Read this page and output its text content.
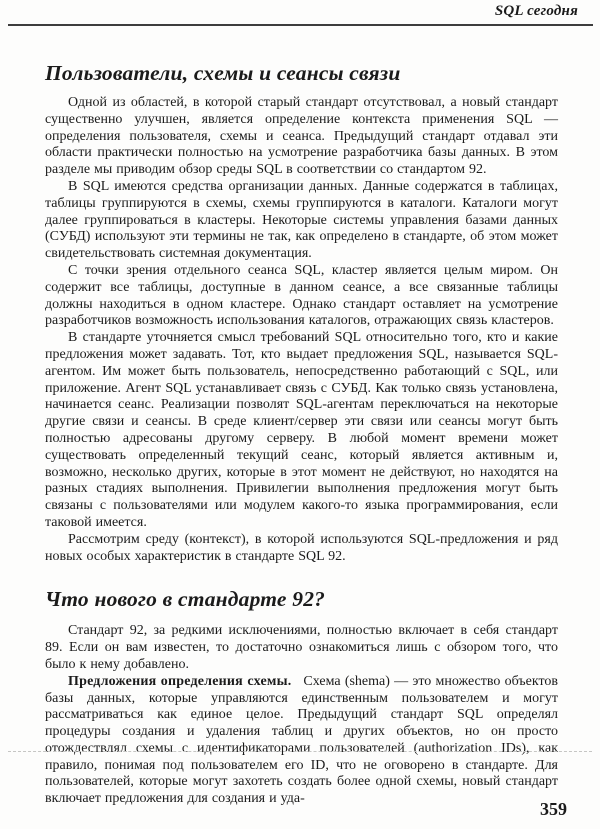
SQL сегодня
Пользователи, схемы и сеансы связи

Одной из областей, в которой старый стандарт отсутствовал, а новый стандарт существенно улучшен, является определение контекста применения SQL — определения пользователя, схемы и сеанса. Предыдущий стандарт отдавал эти области практически полностью на усмотрение разработчика базы данных. В этом разделе мы приводим обзор среды SQL в соответствии со стандартом 92.

В SQL имеются средства организации данных. Данные содержатся в таблицах, таблицы группируются в схемы, схемы группируются в каталоги. Каталоги могут далее группироваться в кластеры. Некоторые системы управления базами данных (СУБД) используют эти термины не так, как определено в стандарте, об этом может свидетельствовать системная документация.

С точки зрения отдельного сеанса SQL, кластер является целым миром. Он содержит все таблицы, доступные в данном сеансе, а все связанные таблицы должны находиться в одном кластере. Однако стандарт оставляет на усмотрение разработчиков возможность использования каталогов, отражающих связь кластеров.

В стандарте уточняется смысл требований SQL относительно того, кто и какие предложения может задавать. Тот, кто выдает предложения SQL, называется SQL-агентом. Им может быть пользователь, непосредственно работающий с SQL, или приложение. Агент SQL устанавливает связь с СУБД. Как только связь установлена, начинается сеанс. Реализации позволят SQL-агентам переключаться на некоторые другие связи и сеансы. В среде клиент/сервер эти связи или сеансы могут быть полностью адресованы другому серверу. В любой момент времени может существовать определенный текущий сеанс, который является активным и, возможно, несколько других, которые в этот момент не действуют, но находятся на разных стадиях выполнения. Привилегии выполнения предложения могут быть связаны с пользователями или модулем какого-то языка программирования, если таковой имеется.

Рассмотрим среду (контекст), в которой используются SQL-предложения и ряд новых особых характеристик в стандарте SQL 92.

Что нового в стандарте 92?

Стандарт 92, за редкими исключениями, полностью включает в себя стандарт 89. Если он вам известен, то достаточно ознакомиться лишь с обзором того, что было к нему добавлено.

Предложения определения схемы. Схема (shema) — это множество объектов базы данных, которые управляются единственным пользователем и могут рассматриваться как единое целое. Предыдущий стандарт SQL определял процедуры создания и удаления таблиц и других объектов, но он просто отождествлял схемы с идентификаторами пользователей (authorization IDs), как правило, понимая под пользователем его ID, что не оговорено в стандарте. Для пользователей, которые могут захотеть создать более одной схемы, новый стандарт включает предложения для создания и уда-

359
